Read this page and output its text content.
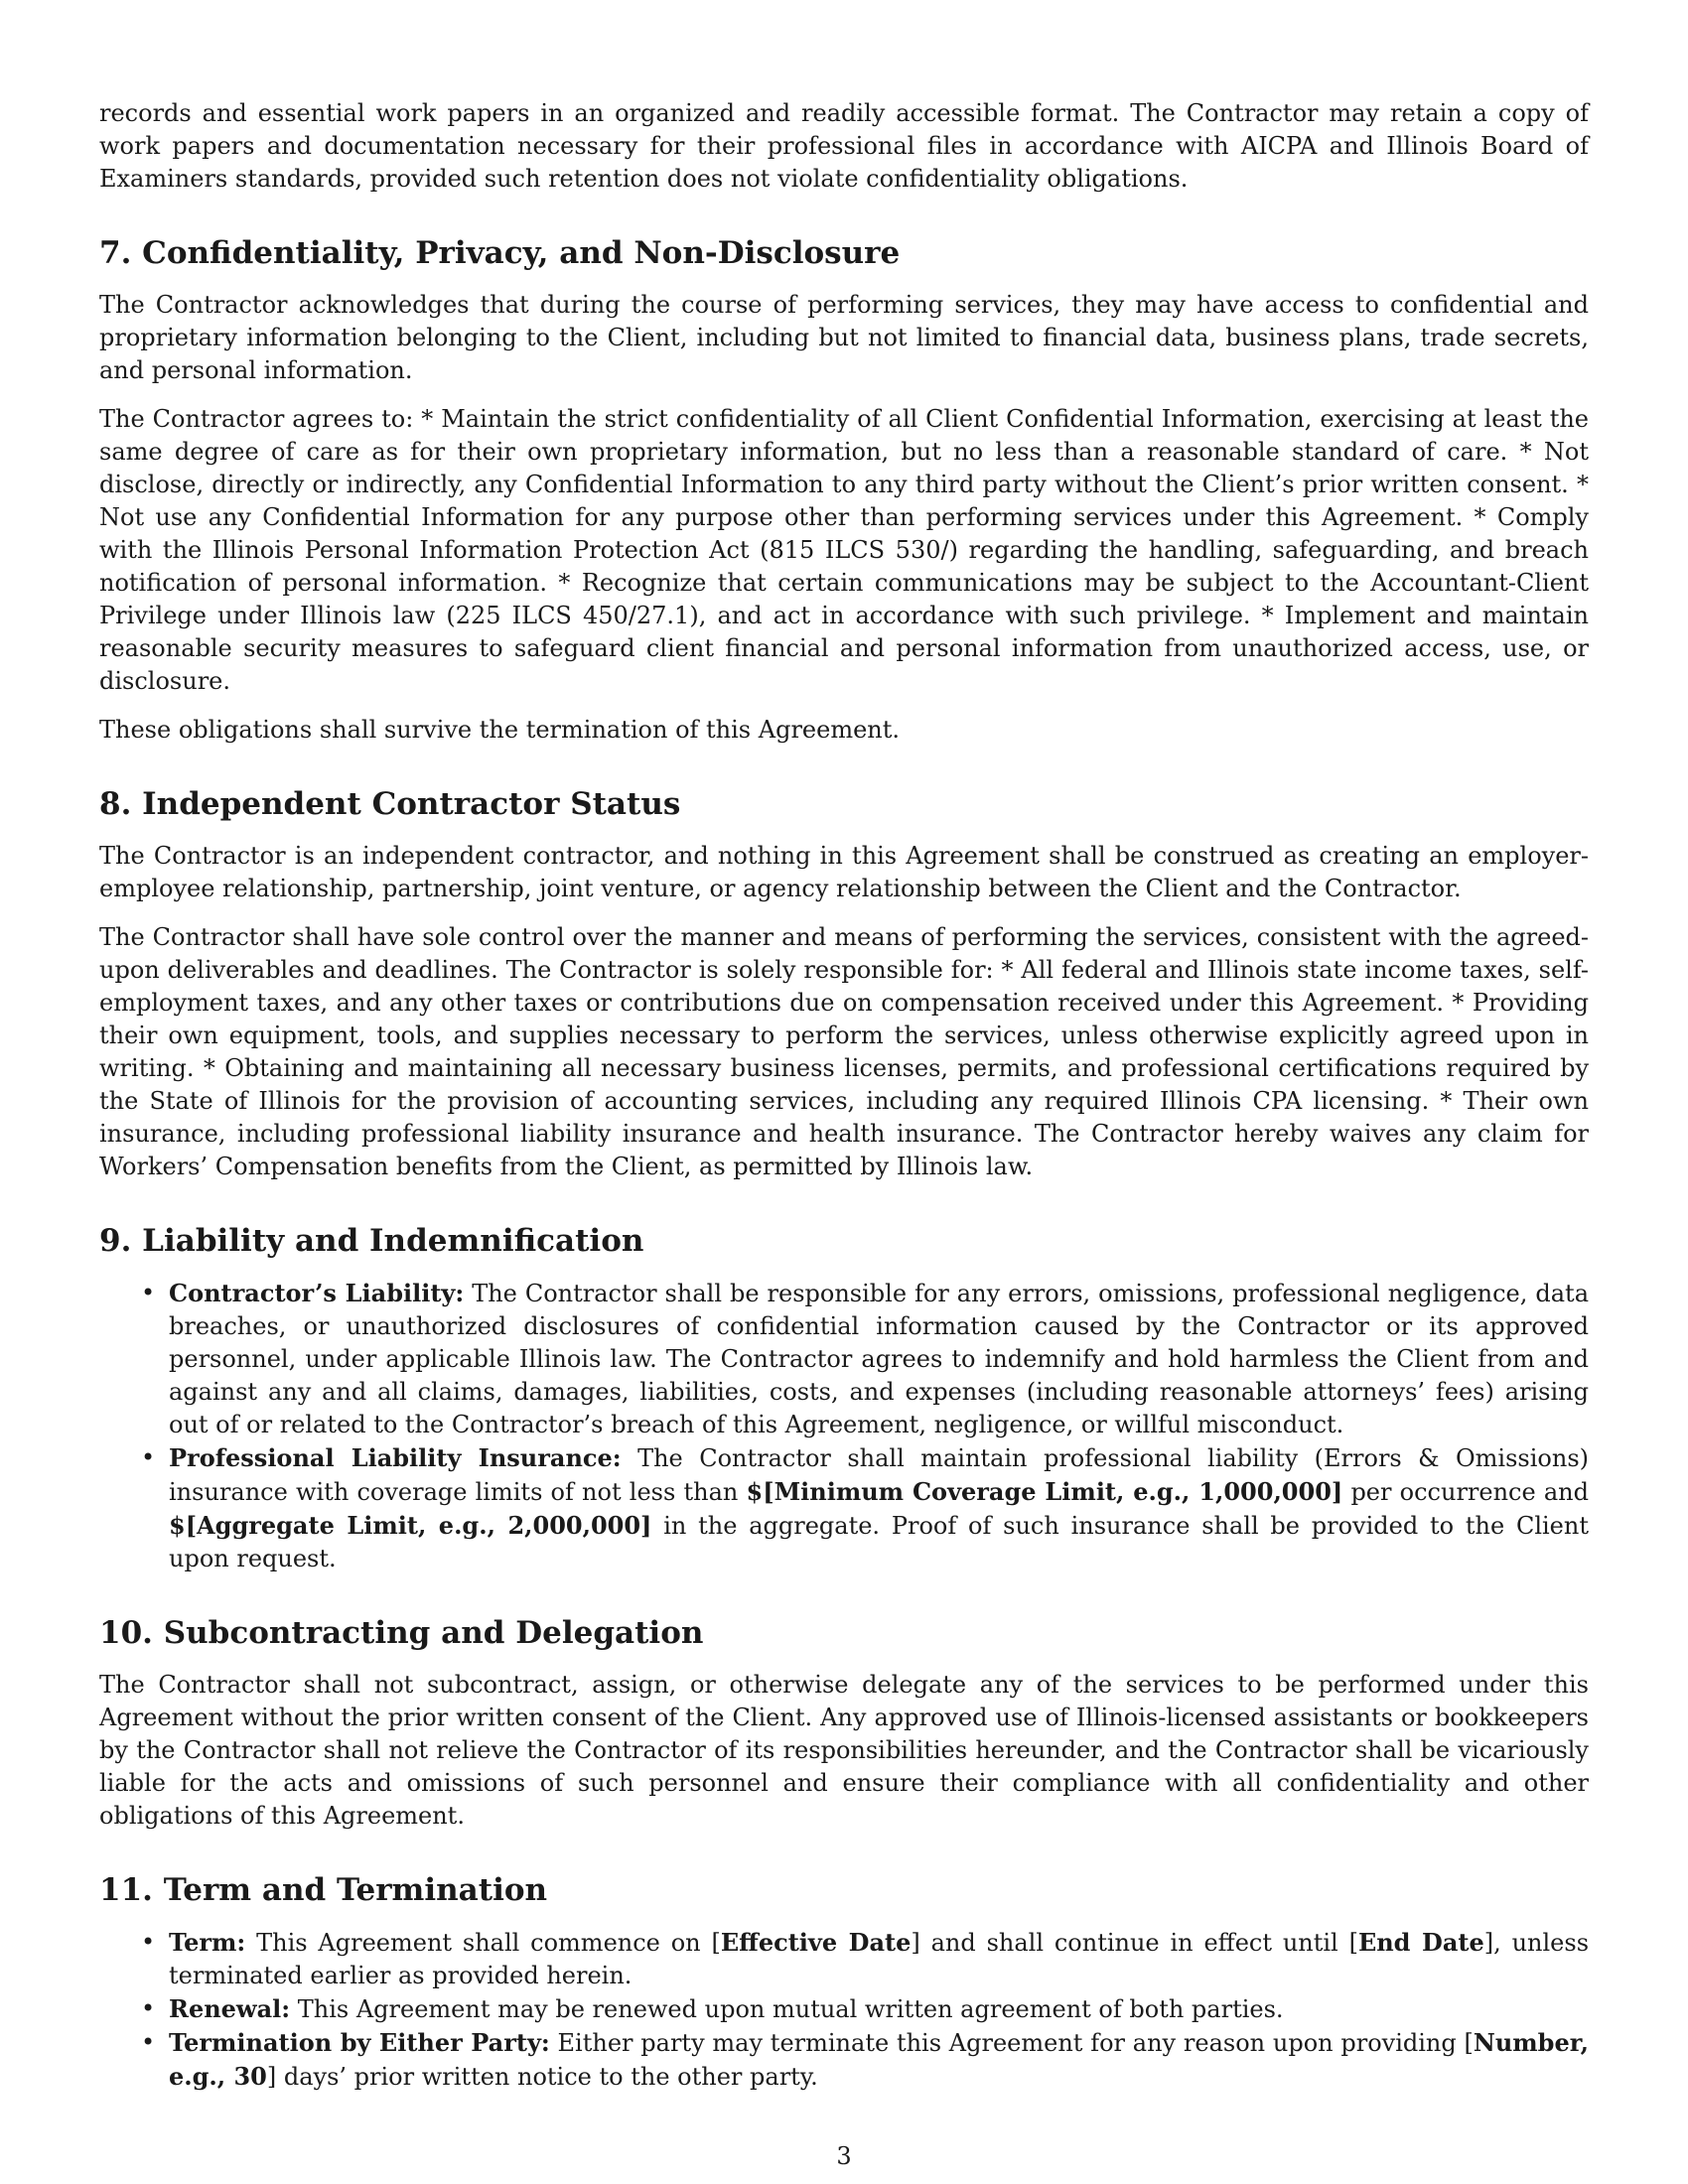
records and essential work papers in an organized and readily accessible format. The Contractor may retain a copy of work papers and documentation necessary for their professional files in accordance with AICPA and Illinois Board of Examiners standards, provided such retention does not violate confidentiality obligations.

7. Confidentiality, Privacy, and Non-Disclosure

The Contractor acknowledges that during the course of performing services, they may have access to confidential and proprietary information belonging to the Client, including but not limited to financial data, business plans, trade secrets, and personal information.

The Contractor agrees to: * Maintain the strict confidentiality of all Client Confidential Information, exercising at least the same degree of care as for their own proprietary information, but no less than a reasonable standard of care. * Not disclose, directly or indirectly, any Confidential Information to any third party without the Client’s prior written consent. * Not use any Confidential Information for any purpose other than performing services under this Agreement. * Comply with the Illinois Personal Information Protection Act (815 ILCS 530/) regarding the handling, safeguarding, and breach notification of personal information. * Recognize that certain communications may be subject to the Accountant-Client Privilege under Illinois law (225 ILCS 450/27.1), and act in accordance with such privilege. * Implement and maintain reasonable security measures to safeguard client financial and personal information from unauthorized access, use, or disclosure.

These obligations shall survive the termination of this Agreement.

8. Independent Contractor Status

The Contractor is an independent contractor, and nothing in this Agreement shall be construed as creating an employer-employee relationship, partnership, joint venture, or agency relationship between the Client and the Contractor.

The Contractor shall have sole control over the manner and means of performing the services, consistent with the agreed-upon deliverables and deadlines. The Contractor is solely responsible for: * All federal and Illinois state income taxes, self-employment taxes, and any other taxes or contributions due on compensation received under this Agreement. * Providing their own equipment, tools, and supplies necessary to perform the services, unless otherwise explicitly agreed upon in writing. * Obtaining and maintaining all necessary business licenses, permits, and professional certifications required by the State of Illinois for the provision of accounting services, including any required Illinois CPA licensing. * Their own insurance, including professional liability insurance and health insurance. The Contractor hereby waives any claim for Workers’ Compensation benefits from the Client, as permitted by Illinois law.

9. Liability and Indemnification
• Contractor’s Liability: The Contractor shall be responsible for any errors, omissions, professional negligence, data breaches, or unauthorized disclosures of confidential information caused by the Contractor or its approved personnel, under applicable Illinois law. The Contractor agrees to indemnify and hold harmless the Client from and against any and all claims, damages, liabilities, costs, and expenses (including reasonable attorneys’ fees) arising out of or related to the Contractor’s breach of this Agreement, negligence, or willful misconduct.
• Professional Liability Insurance: The Contractor shall maintain professional liability (Errors & Omissions) insurance with coverage limits of not less than $[Minimum Coverage Limit, e.g., 1,000,000] per occurrence and $[Aggregate Limit, e.g., 2,000,000] in the aggregate. Proof of such insurance shall be provided to the Client upon request.
10. Subcontracting and Delegation

The Contractor shall not subcontract, assign, or otherwise delegate any of the services to be performed under this Agreement without the prior written consent of the Client. Any approved use of Illinois-licensed assistants or bookkeepers by the Contractor shall not relieve the Contractor of its responsibilities hereunder, and the Contractor shall be vicariously liable for the acts and omissions of such personnel and ensure their compliance with all confidentiality and other obligations of this Agreement.

11. Term and Termination
• Term: This Agreement shall commence on [Effective Date] and shall continue in effect until [End Date], unless terminated earlier as provided herein.
• Renewal: This Agreement may be renewed upon mutual written agreement of both parties.
• Termination by Either Party: Either party may terminate this Agreement for any reason upon providing [Number, e.g., 30] days’ prior written notice to the other party.
3
